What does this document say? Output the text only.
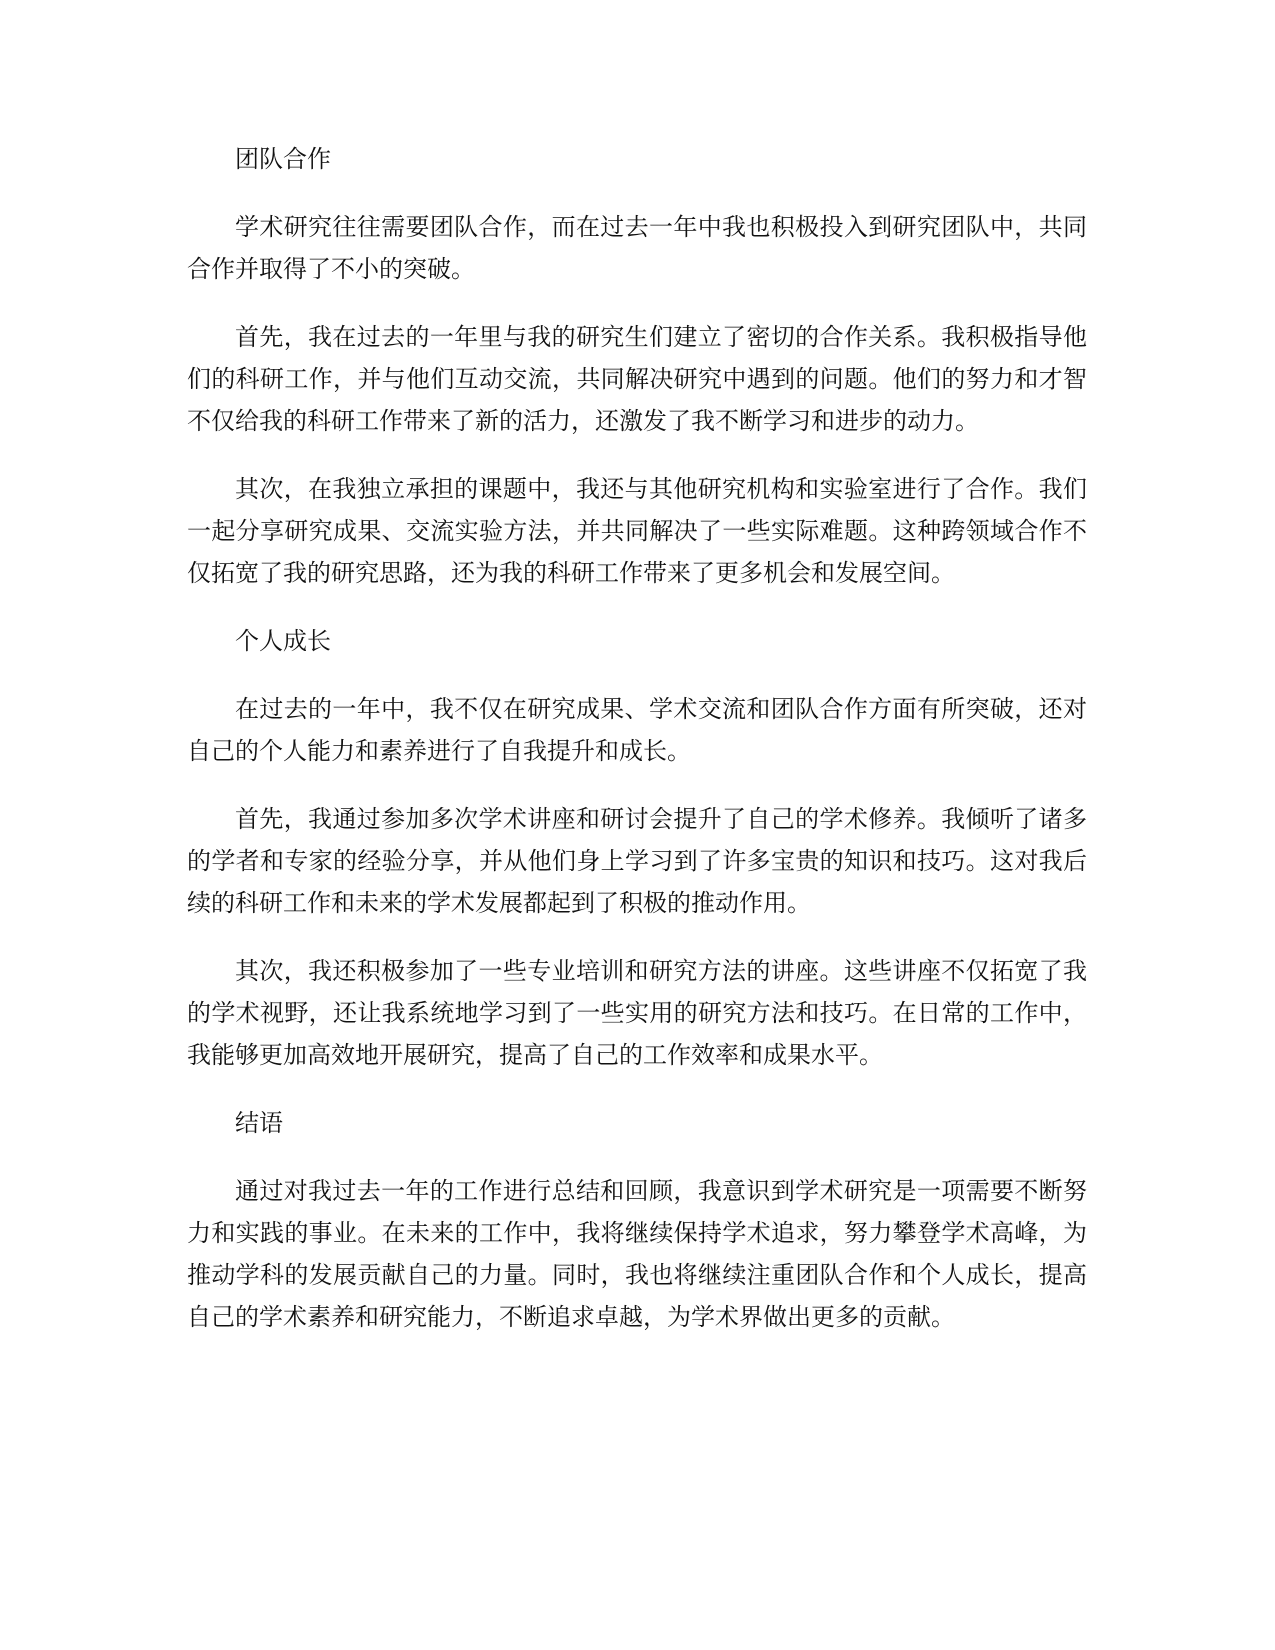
团队合作

学术研究往往需要团队合作，而在过去一年中我也积极投入到研究团队中，共同合作并取得了不小的突破。

首先，我在过去的一年里与我的研究生们建立了密切的合作关系。我积极指导他们的科研工作，并与他们互动交流，共同解决研究中遇到的问题。他们的努力和才智不仅给我的科研工作带来了新的活力，还激发了我不断学习和进步的动力。

其次，在我独立承担的课题中，我还与其他研究机构和实验室进行了合作。我们一起分享研究成果、交流实验方法，并共同解决了一些实际难题。这种跨领域合作不仅拓宽了我的研究思路，还为我的科研工作带来了更多机会和发展空间。

个人成长

在过去的一年中，我不仅在研究成果、学术交流和团队合作方面有所突破，还对自己的个人能力和素养进行了自我提升和成长。

首先，我通过参加多次学术讲座和研讨会提升了自己的学术修养。我倾听了诸多的学者和专家的经验分享，并从他们身上学习到了许多宝贵的知识和技巧。这对我后续的科研工作和未来的学术发展都起到了积极的推动作用。

其次，我还积极参加了一些专业培训和研究方法的讲座。这些讲座不仅拓宽了我的学术视野，还让我系统地学习到了一些实用的研究方法和技巧。在日常的工作中，我能够更加高效地开展研究，提高了自己的工作效率和成果水平。

结语

通过对我过去一年的工作进行总结和回顾，我意识到学术研究是一项需要不断努力和实践的事业。在未来的工作中，我将继续保持学术追求，努力攀登学术高峰，为推动学科的发展贡献自己的力量。同时，我也将继续注重团队合作和个人成长，提高自己的学术素养和研究能力，不断追求卓越，为学术界做出更多的贡献。
